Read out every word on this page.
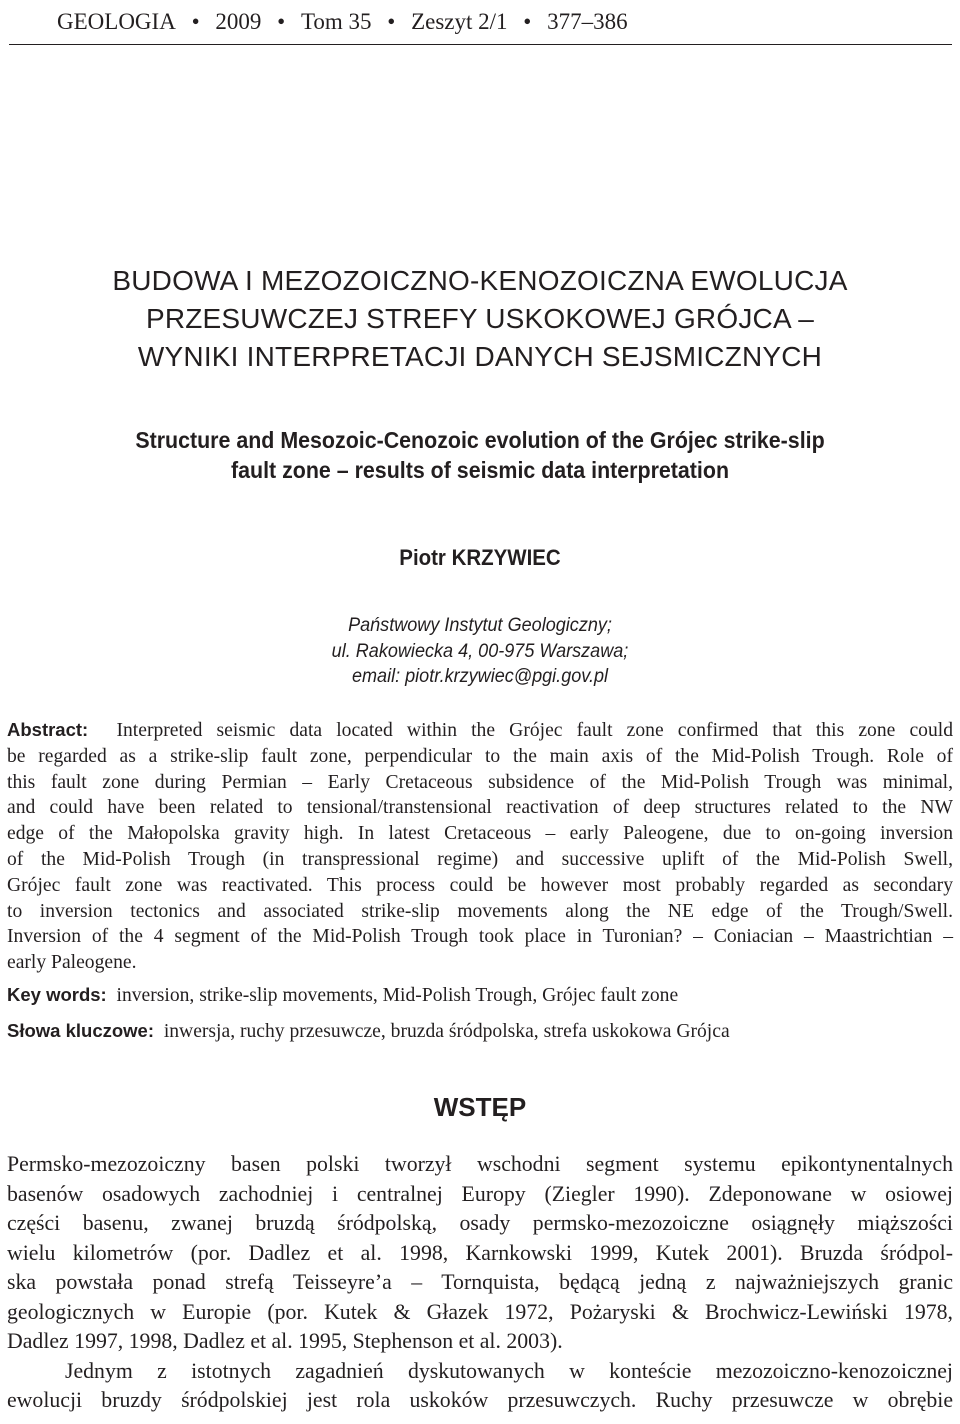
GEOLOGIA • 2009 • Tom 35 • Zeszyt 2/1 • 377–386
BUDOWA I MEZOZOICZNO-KENOZOICZNA EWOLUCJA
PRZESUWCZEJ STREFY USKOKOWEJ GRÓJCA –
WYNIKI INTERPRETACJI DANYCH SEJSMICZNYCH
Structure and Mesozoic-Cenozoic evolution of the Grójec strike-slip
fault zone – results of seismic data interpretation
Piotr KRZYWIEC
Państwowy Instytut Geologiczny;
ul. Rakowiecka 4, 00-975 Warszawa;
email: piotr.krzywiec@pgi.gov.pl
Abstract: Interpreted seismic data located within the Grójec fault zone confirmed that this zone could
be regarded as a strike-slip fault zone, perpendicular to the main axis of the Mid-Polish Trough. Role of
this fault zone during Permian – Early Cretaceous subsidence of the Mid-Polish Trough was minimal,
and could have been related to tensional/transtensional reactivation of deep structures related to the NW
edge of the Małopolska gravity high. In latest Cretaceous – early Paleogene, due to on-going inversion
of the Mid-Polish Trough (in transpressional regime) and successive uplift of the Mid-Polish Swell,
Grójec fault zone was reactivated. This process could be however most probably regarded as secondary
to inversion tectonics and associated strike-slip movements along the NE edge of the Trough/Swell.
Inversion of the 4 segment of the Mid-Polish Trough took place in Turonian? – Coniacian – Maastrichtian –
early Paleogene.
Key words: inversion, strike-slip movements, Mid-Polish Trough, Grójec fault zone
Słowa kluczowe: inwersja, ruchy przesuwcze, bruzda śródpolska, strefa uskokowa Grójca
WSTĘP
Permsko-mezozoiczny basen polski tworzył wschodni segment systemu epikontynentalnych
basenów osadowych zachodniej i centralnej Europy (Ziegler 1990). Zdeponowane w osiowej
części basenu, zwanej bruzdą śródpolską, osady permsko-mezozoiczne osiągnęły miąższości
wielu kilometrów (por. Dadlez et al. 1998, Karnkowski 1999, Kutek 2001). Bruzda śródpol-
ska powstała ponad strefą Teisseyre’a – Tornquista, będącą jedną z najważniejszych granic
geologicznych w Europie (por. Kutek & Głazek 1972, Pożaryski & Brochwicz-Lewiński 1978,
Dadlez 1997, 1998, Dadlez et al. 1995, Stephenson et al. 2003).
Jednym z istotnych zagadnień dyskutowanych w konteście mezozoiczno-kenozoicznej
ewolucji bruzdy śródpolskiej jest rola uskoków przesuwczych. Ruchy przesuwcze w obrębie
